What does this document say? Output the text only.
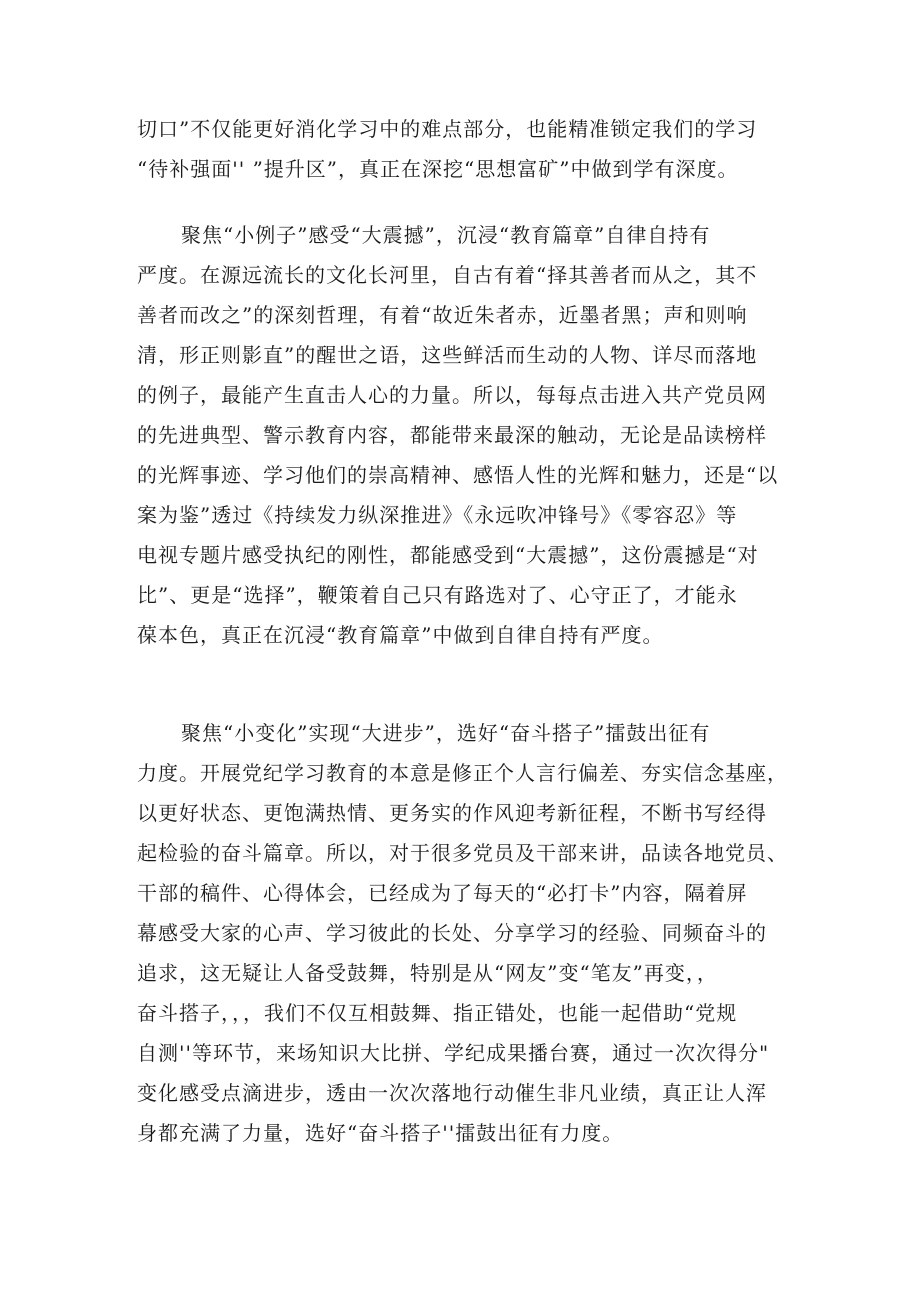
切口”不仅能更好消化学习中的难点部分，也能精准锁定我们的学习
“待补强面'' ”提升区”，真正在深挖“思想富矿”中做到学有深度。
聚焦“小例子”感受“大震撼”，沉浸“教育篇章”自律自持有
严度。在源远流长的文化长河里，自古有着“择其善者而从之，其不
善者而改之”的深刻哲理，有着“故近朱者赤，近墨者黑；声和则响
清，形正则影直”的醒世之语，这些鲜活而生动的人物、详尽而落地
的例子，最能产生直击人心的力量。所以，每每点击进入共产党员网
的先进典型、警示教育内容，都能带来最深的触动，无论是品读榜样
的光辉事迹、学习他们的崇高精神、感悟人性的光辉和魅力，还是“以
案为鉴”透过《持续发力纵深推进》《永远吹冲锋号》《零容忍》等
电视专题片感受执纪的刚性，都能感受到“大震撼”，这份震撼是“对
比”、更是“选择”，鞭策着自己只有路选对了、心守正了，才能永
葆本色，真正在沉浸“教育篇章”中做到自律自持有严度。
聚焦“小变化”实现“大进步”，选好“奋斗搭子”擂鼓出征有
力度。开展党纪学习教育的本意是修正个人言行偏差、夯实信念基座，
以更好状态、更饱满热情、更务实的作风迎考新征程，不断书写经得
起检验的奋斗篇章。所以，对于很多党员及干部来讲，品读各地党员、
干部的稿件、心得体会，已经成为了每天的“必打卡”内容，隔着屏
幕感受大家的心声、学习彼此的长处、分享学习的经验、同频奋斗的
追求，这无疑让人备受鼓舞，特别是从“网友”变“笔友”再变，，
奋斗搭子，，，我们不仅互相鼓舞、指正错处，也能一起借助“党规
自测''等环节，来场知识大比拼、学纪成果播台赛，通过一次次得分"
变化感受点滴进步，透由一次次落地行动催生非凡业绩，真正让人浑
身都充满了力量，选好“奋斗搭子''擂鼓出征有力度。
